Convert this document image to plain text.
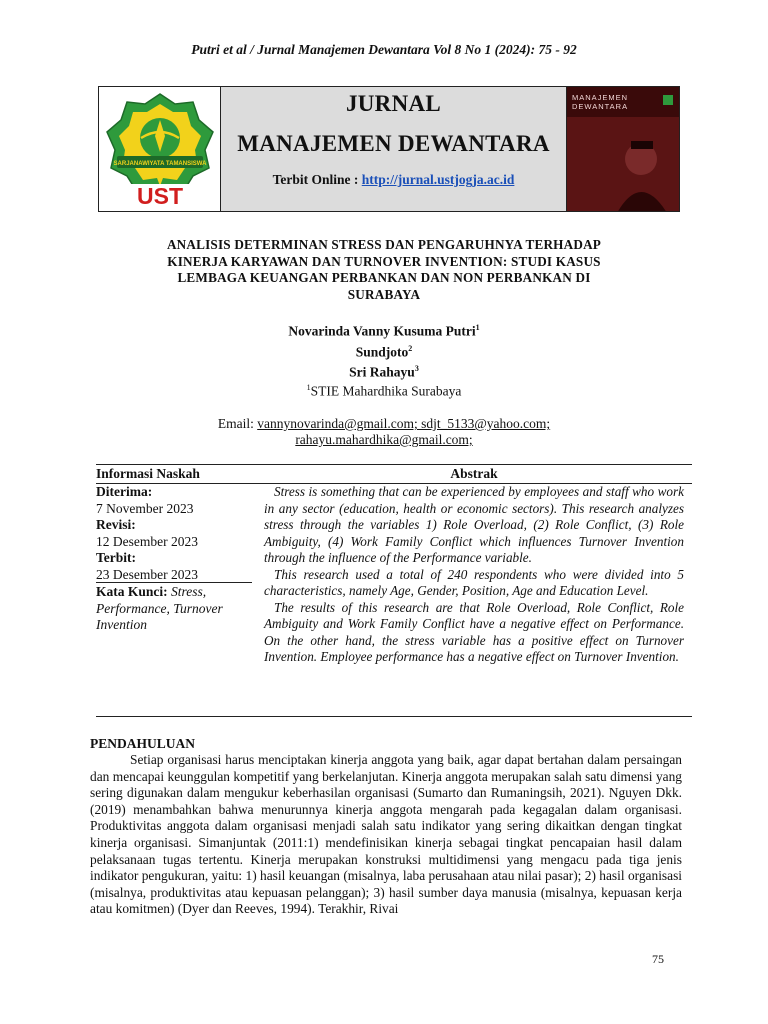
Putri et al / Jurnal Manajemen Dewantara Vol 8 No 1 (2024): 75 - 92
SARJANAWIYATA TAMANSISWA
UST
JURNAL
MANAJEMEN DEWANTARA
Terbit Online : http://jurnal.ustjogja.ac.id
MANAJEMEN
DEWANTARA
ANALISIS DETERMINAN STRESS DAN PENGARUHNYA TERHADAP
KINERJA KARYAWAN DAN TURNOVER INVENTION: STUDI KASUS
LEMBAGA KEUANGAN PERBANKAN DAN NON PERBANKAN DI
SURABAYA
Novarinda Vanny Kusuma Putri$^1$
Sundjoto$^2$
Sri Rahayu$^3$
$^1$STIE Mahardhika Surabaya
Email: vannynovarinda@gmail.com; sdjt_5133@yahoo.com;
rahayu.mahardhika@gmail.com;
Informasi Naskah	Abstrak
Diterima:
7 November 2023
Revisi:
12 Desember 2023
Terbit:
23 Desember 2023
Kata Kunci: Stress,
Performance, Turnover
Invention

Stress is something that can be experienced by employees and staff who work in any sector (education, health or economic sectors). This research analyzes stress through the variables 1) Role Overload, (2) Role Conflict, (3) Role Ambiguity, (4) Work Family Conflict which influences Turnover Invention through the influence of the Performance variable.

This research used a total of 240 respondents who were divided into 5 characteristics, namely Age, Gender, Position, Age and Education Level.

The results of this research are that Role Overload, Role Conflict, Role Ambiguity and Work Family Conflict have a negative effect on Performance. On the other hand, the stress variable has a positive effect on Turnover Invention. Employee performance has a negative effect on Turnover Invention.

PENDAHULUAN

Setiap organisasi harus menciptakan kinerja anggota yang baik, agar dapat bertahan dalam persaingan dan mencapai keunggulan kompetitif yang berkelanjutan. Kinerja anggota merupakan salah satu dimensi yang sering digunakan dalam mengukur keberhasilan organisasi (Sumarto dan Rumaningsih, 2021). Nguyen Dkk. (2019) menambahkan bahwa menurunnya kinerja anggota mengarah pada kegagalan dalam organisasi. Produktivitas anggota dalam organisasi menjadi salah satu indikator yang sering dikaitkan dengan tingkat kinerja organisasi. Simanjuntak (2011:1) mendefinisikan kinerja sebagai tingkat pencapaian hasil dalam pelaksanaan tugas tertentu. Kinerja merupakan konstruksi multidimensi yang mengacu pada tiga jenis indikator pengukuran, yaitu: 1) hasil keuangan (misalnya, laba perusahaan atau nilai pasar); 2) hasil organisasi (misalnya, produktivitas atau kepuasan pelanggan); 3) hasil sumber daya manusia (misalnya, kepuasan kerja atau komitmen) (Dyer dan Reeves, 1994). Terakhir, Rivai

75
